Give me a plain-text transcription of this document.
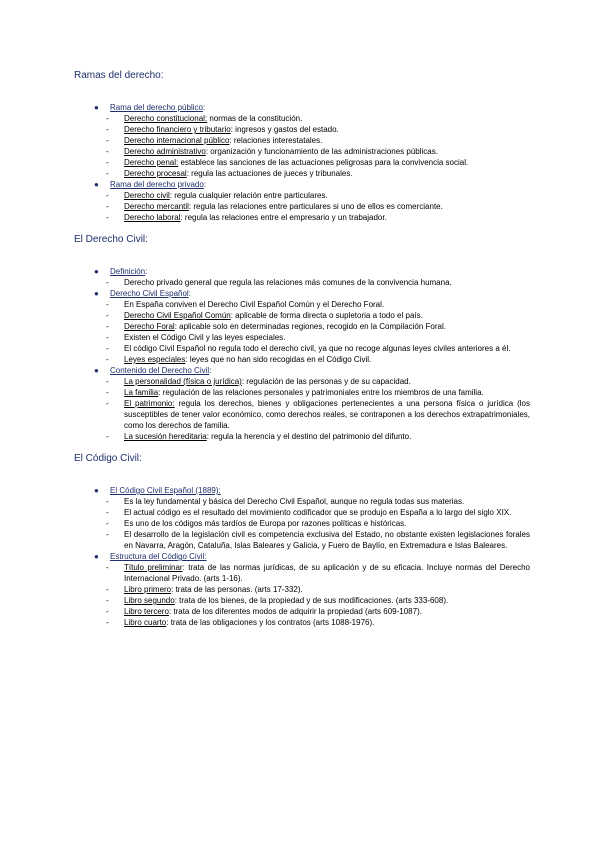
Ramas del derecho:
● Rama del derecho público:
- Derecho constitucional: normas de la constitución.
- Derecho financiero y tributario: ingresos y gastos del estado.
- Derecho internacional público: relaciones interestatales.
- Derecho administrativo: organización y funcionamiento de las administraciones públicas.
- Derecho penal: establece las sanciones de las actuaciones peligrosas para la convivencia social.
- Derecho procesal: regula las actuaciones de jueces y tribunales.
● Rama del derecho privado:
- Derecho civil: regula cualquier relación entre particulares.
- Derecho mercantil: regula las relaciones entre particulares si uno de ellos es comerciante.
- Derecho laboral: regula las relaciones entre el empresario y un trabajador.
El Derecho Civil:
● Definición:
- Derecho privado general que regula las relaciones más comunes de la convivencia humana.
● Derecho Civil Español:
- En España conviven el Derecho Civil Español Común y el Derecho Foral.
- Derecho Civil Español Común: aplicable de forma directa o supletoria a todo el país.
- Derecho Foral: aplicable solo en determinadas regiones, recogido en la Compilación Foral.
- Existen el Código Civil y las leyes especiales.
- El código Civil Español no regula todo el derecho civil, ya que no recoge algunas leyes civiles anteriores a él.
- Leyes especiales: leyes que no han sido recogidas en el Código Civil.
● Contenido del Derecho Civil:
- La personalidad (física o jurídica): regulación de las personas y de su capacidad.
- La familia: regulación de las relaciones personales y patrimoniales entre los miembros de una familia.
- El patrimonio: regula los derechos, bienes y obligaciones pertenecientes a una persona física o jurídica (los susceptibles de tener valor económico, como derechos reales, se contraponen a los derechos extrapatrimoniales, como los derechos de familia.
- La sucesión hereditaria: regula la herencia y el destino del patrimonio del difunto.
El Código Civil:
● El Código Civil Español (1889):
- Es la ley fundamental y básica del Derecho Civil Español, aunque no regula todas sus materias.
- El actual código es el resultado del movimiento codificador que se produjo en España a lo largo del siglo XIX.
- Es uno de los códigos más tardíos de Europa por razones políticas e históricas.
- El desarrollo de la legislación civil es competencia exclusiva del Estado, no obstante existen legislaciones forales en Navarra, Aragón, Cataluña, Islas Baleares y Galicia, y Fuero de Baylío, en Extremadura e Islas Baleares.
● Estructura del Código Civil:
- Título preliminar: trata de las normas jurídicas, de su aplicación y de su eficacia. Incluye normas del Derecho Internacional Privado. (arts 1-16).
- Libro primero: trata de las personas. (arts 17-332).
- Libro segundo: trata de los bienes, de la propiedad y de sus modificaciones. (arts 333-608).
- Libro tercero: trata de los diferentes modos de adquirir la propiedad (arts 609-1087).
- Libro cuarto: trata de las obligaciones y los contratos (arts 1088-1976).
